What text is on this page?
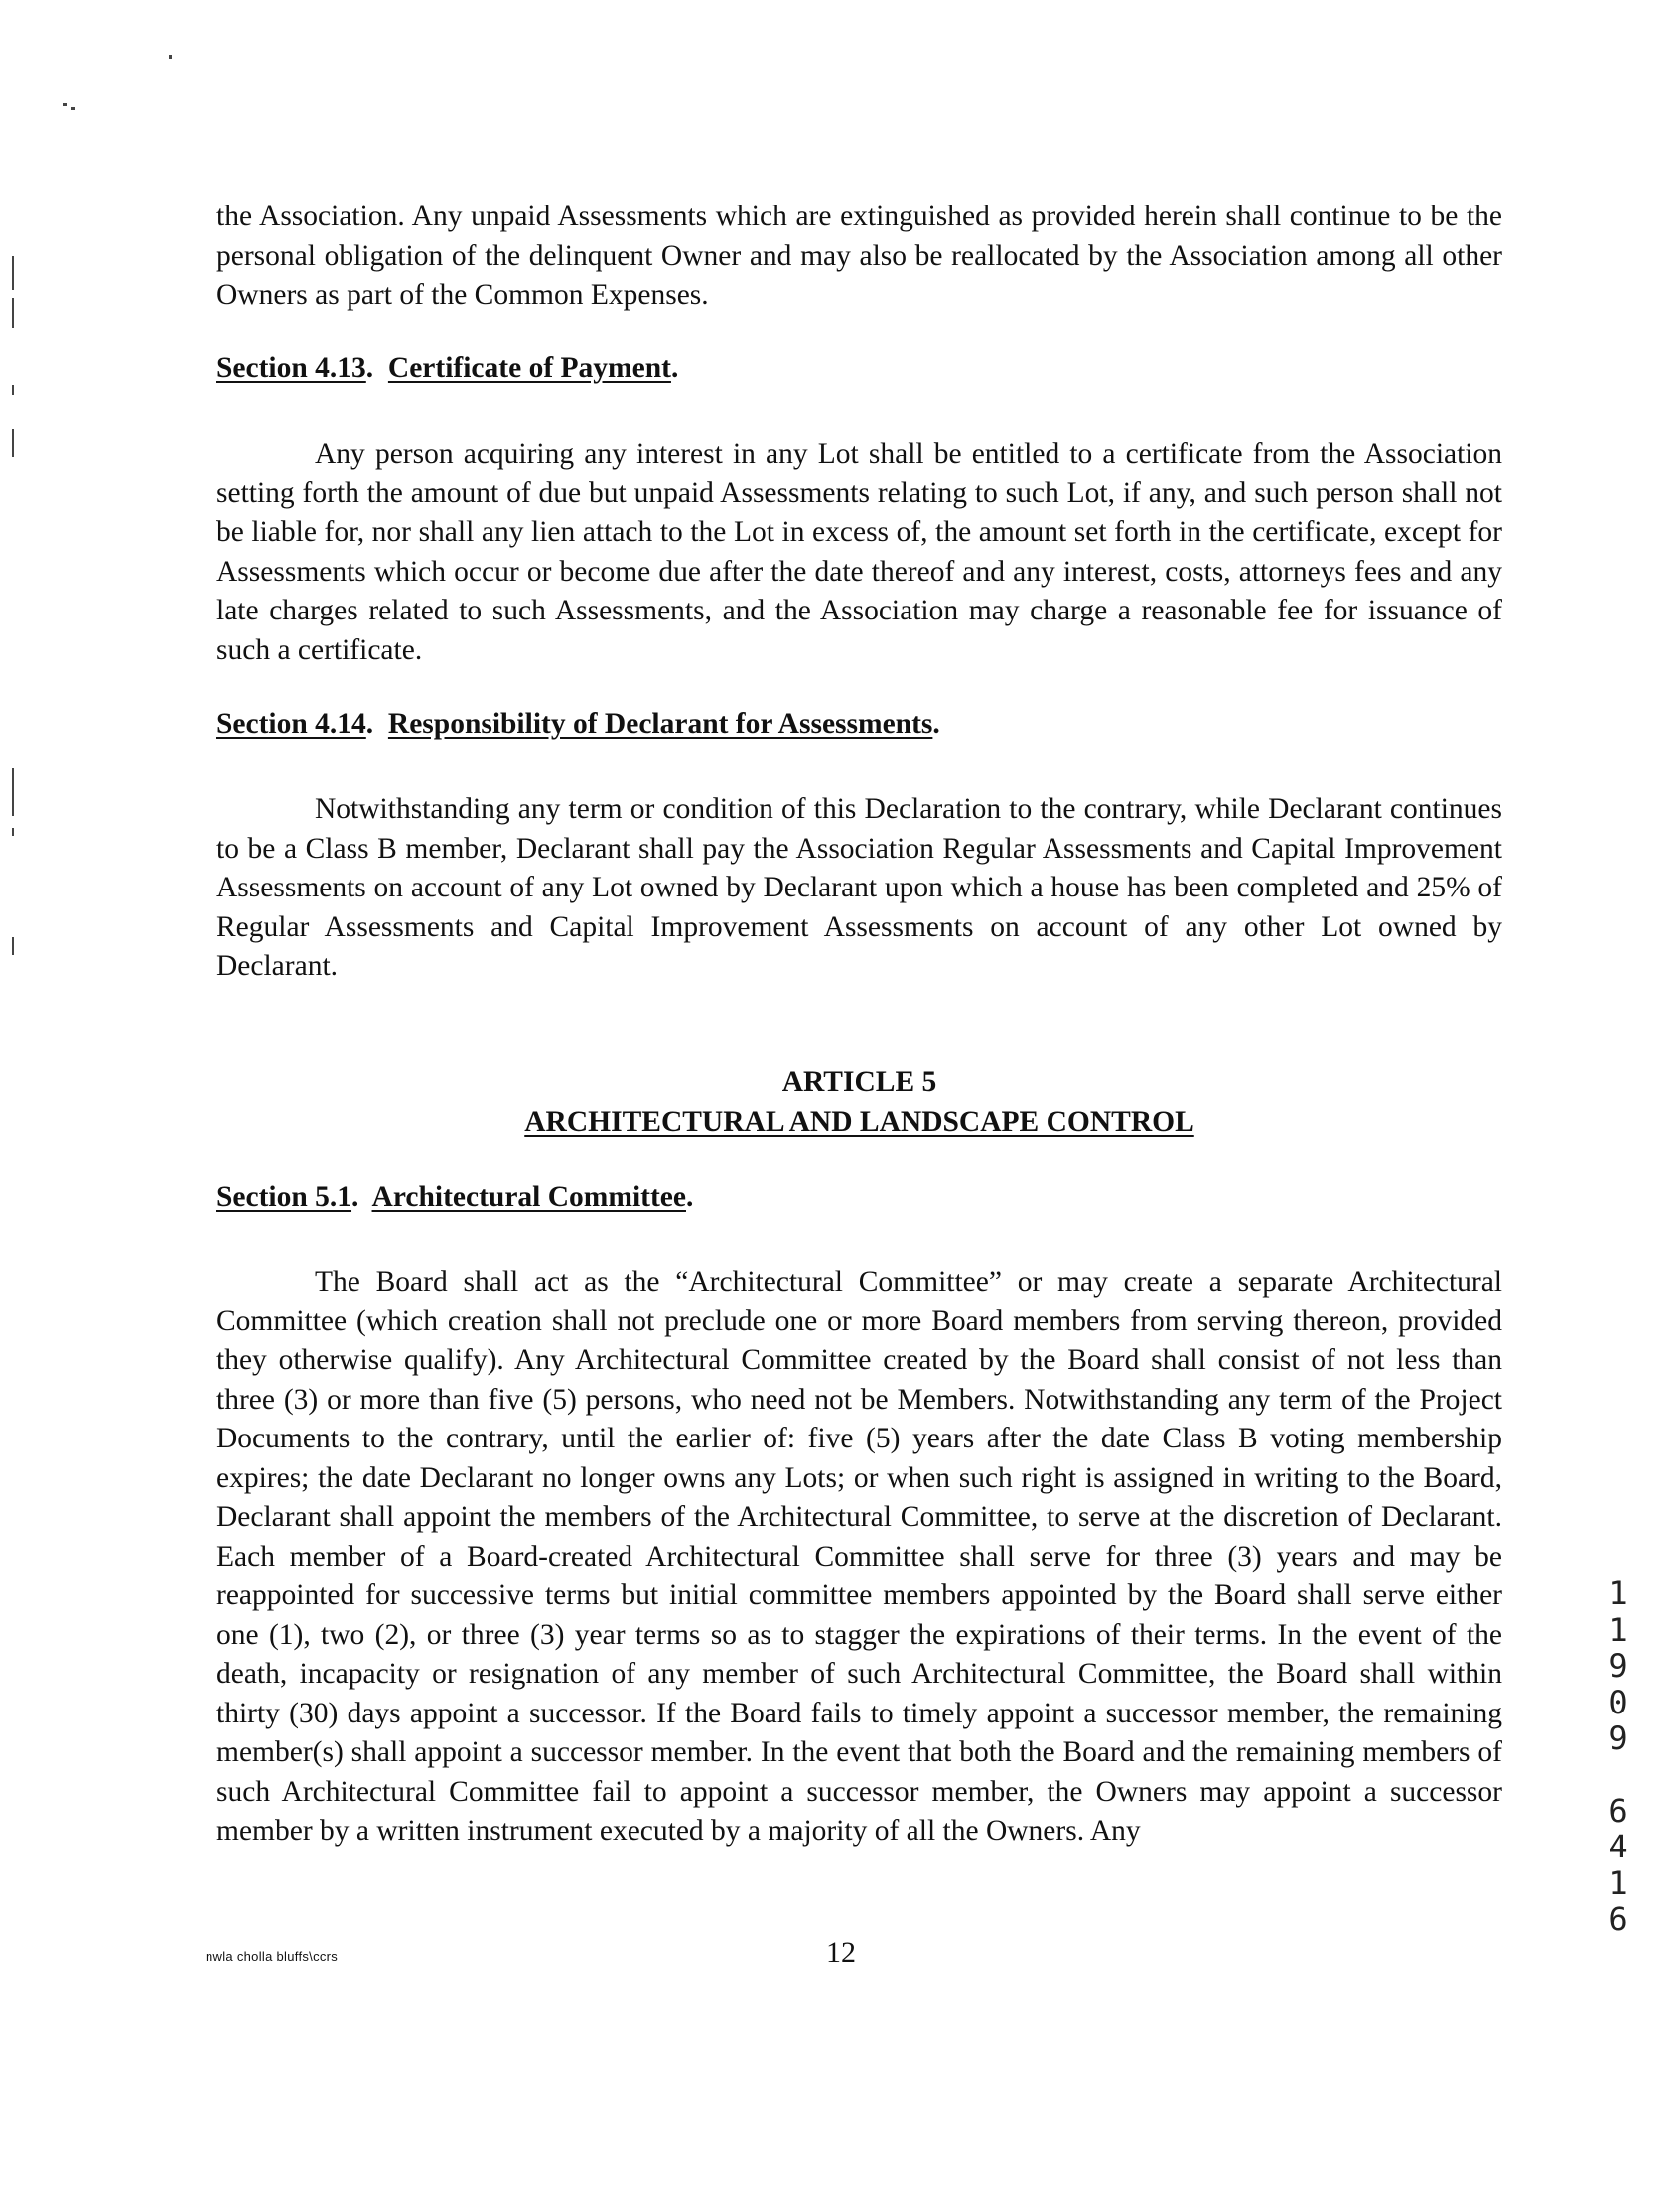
the Association. Any unpaid Assessments which are extinguished as provided herein shall continue to be the personal obligation of the delinquent Owner and may also be reallocated by the Association among all other Owners as part of the Common Expenses.

Section 4.13.  Certificate of Payment.

Any person acquiring any interest in any Lot shall be entitled to a certificate from the Association setting forth the amount of due but unpaid Assessments relating to such Lot, if any, and such person shall not be liable for, nor shall any lien attach to the Lot in excess of, the amount set forth in the certificate, except for Assessments which occur or become due after the date thereof and any interest, costs, attorneys fees and any late charges related to such Assessments, and the Association may charge a reasonable fee for issuance of such a certificate.

Section 4.14.  Responsibility of Declarant for Assessments.

Notwithstanding any term or condition of this Declaration to the contrary, while Declarant continues to be a Class B member, Declarant shall pay the Association Regular Assessments and Capital Improvement Assessments on account of any Lot owned by Declarant upon which a house has been completed and 25% of Regular Assessments and Capital Improvement Assessments on account of any other Lot owned by Declarant.

ARTICLE 5
ARCHITECTURAL AND LANDSCAPE CONTROL
Section 5.1.  Architectural Committee.

The Board shall act as the “Architectural Committee” or may create a separate Architectural Committee (which creation shall not preclude one or more Board members from serving thereon, provided they otherwise qualify). Any Architectural Committee created by the Board shall consist of not less than three (3) or more than five (5) persons, who need not be Members. Notwithstanding any term of the Project Documents to the contrary, until the earlier of: five (5) years after the date Class B voting membership expires; the date Declarant no longer owns any Lots; or when such right is assigned in writing to the Board, Declarant shall appoint the members of the Architectural Committee, to serve at the discretion of Declarant. Each member of a Board-created Architectural Committee shall serve for three (3) years and may be reappointed for successive terms but initial committee members appointed by the Board shall serve either one (1), two (2), or three (3) year terms so as to stagger the expirations of their terms. In the event of the death, incapacity or resignation of any member of such Architectural Committee, the Board shall within thirty (30) days appoint a successor. If the Board fails to timely appoint a successor member, the remaining member(s) shall appoint a successor member. In the event that both the Board and the remaining members of such Architectural Committee fail to appoint a successor member, the Owners may appoint a successor member by a written instrument executed by a majority of all the Owners. Any

nwla cholla bluffs\ccrs	12
1
1
9
0
9
6
4
1
6
